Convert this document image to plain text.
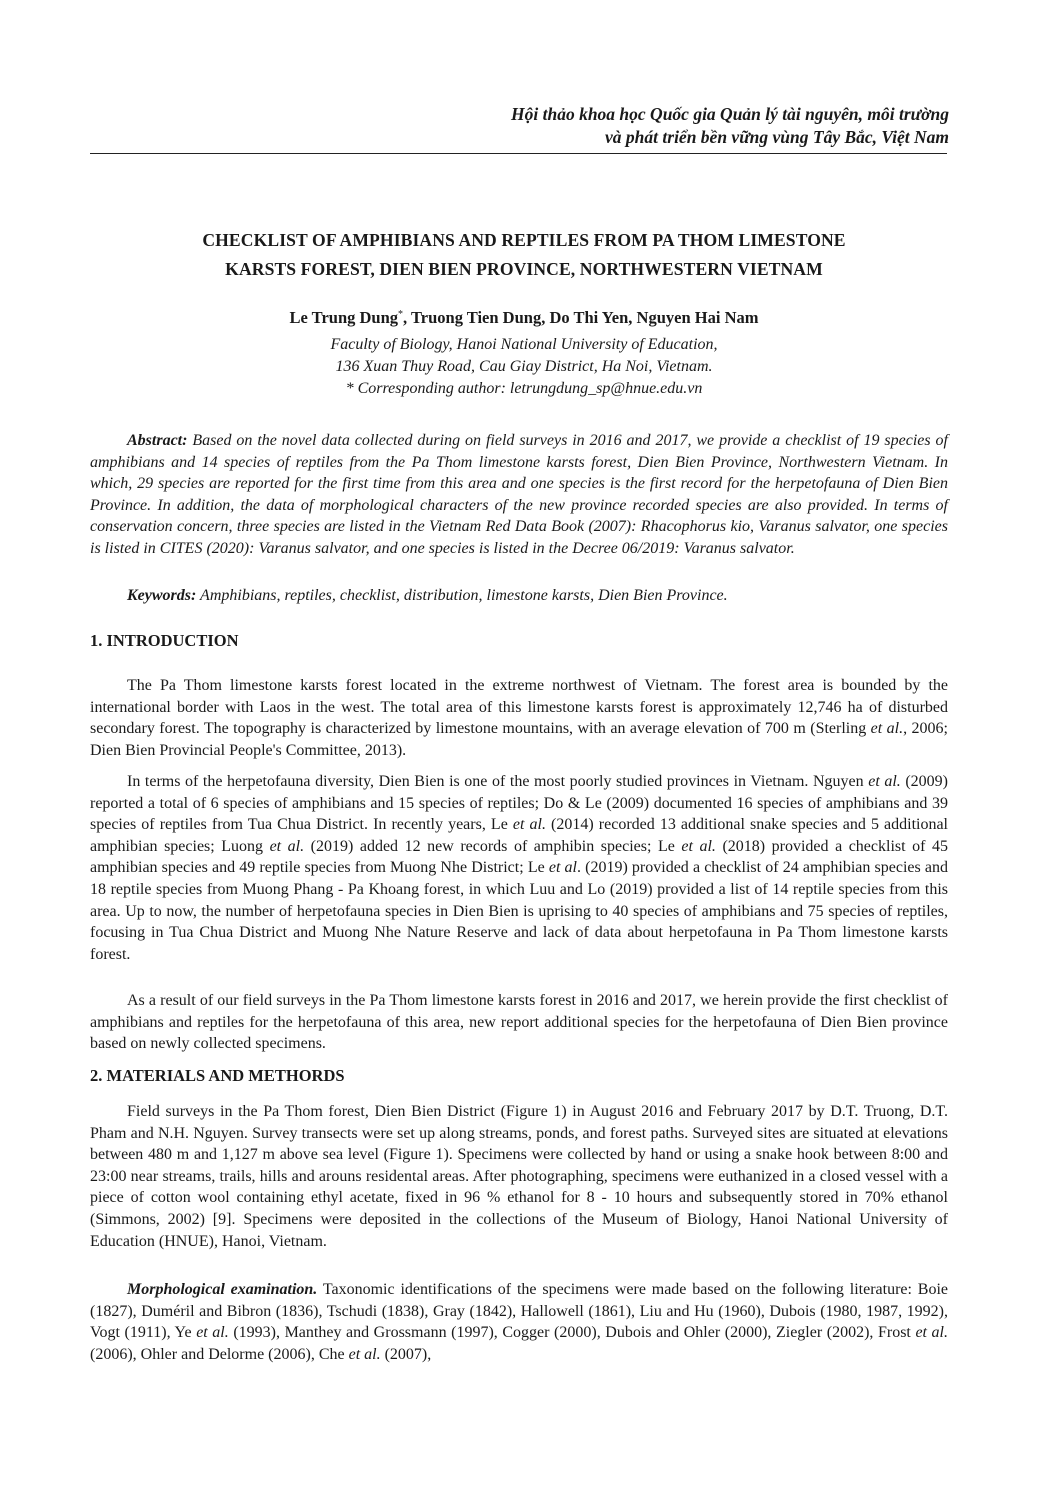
Hội thảo khoa học Quốc gia Quản lý tài nguyên, môi trường
và phát triển bền vững vùng Tây Bắc, Việt Nam
CHECKLIST OF AMPHIBIANS AND REPTILES FROM PA THOM LIMESTONE
KARSTS FOREST, DIEN BIEN PROVINCE, NORTHWESTERN VIETNAM
Le Trung Dung*, Truong Tien Dung, Do Thi Yen, Nguyen Hai Nam
Faculty of Biology, Hanoi National University of Education,
136 Xuan Thuy Road, Cau Giay District, Ha Noi, Vietnam.
* Corresponding author: letrungdung_sp@hnue.edu.vn

Abstract: Based on the novel data collected during on field surveys in 2016 and 2017, we provide a checklist of 19 species of amphibians and 14 species of reptiles from the Pa Thom limestone karsts forest, Dien Bien Province, Northwestern Vietnam. In which, 29 species are reported for the first time from this area and one species is the first record for the herpetofauna of Dien Bien Province. In addition, the data of morphological characters of the new province recorded species are also provided. In terms of conservation concern, three species are listed in the Vietnam Red Data Book (2007): Rhacophorus kio, Varanus salvator, one species is listed in CITES (2020): Varanus salvator, and one species is listed in the Decree 06/2019: Varanus salvator.

Keywords: Amphibians, reptiles, checklist, distribution, limestone karsts, Dien Bien Province.
1. INTRODUCTION

The Pa Thom limestone karsts forest located in the extreme northwest of Vietnam. The forest area is bounded by the international border with Laos in the west. The total area of this limestone karsts forest is approximately 12,746 ha of disturbed secondary forest. The topography is characterized by limestone mountains, with an average elevation of 700 m (Sterling et al., 2006; Dien Bien Provincial People's Committee, 2013).

In terms of the herpetofauna diversity, Dien Bien is one of the most poorly studied provinces in Vietnam. Nguyen et al. (2009) reported a total of 6 species of amphibians and 15 species of reptiles; Do & Le (2009) documented 16 species of amphibians and 39 species of reptiles from Tua Chua District. In recently years, Le et al. (2014) recorded 13 additional snake species and 5 additional amphibian species; Luong et al. (2019) added 12 new records of amphibin species; Le et al. (2018) provided a checklist of 45 amphibian species and 49 reptile species from Muong Nhe District; Le et al. (2019) provided a checklist of 24 amphibian species and 18 reptile species from Muong Phang - Pa Khoang forest, in which Luu and Lo (2019) provided a list of 14 reptile species from this area. Up to now, the number of herpetofauna species in Dien Bien is uprising to 40 species of amphibians and 75 species of reptiles, focusing in Tua Chua District and Muong Nhe Nature Reserve and lack of data about herpetofauna in Pa Thom limestone karsts forest.

As a result of our field surveys in the Pa Thom limestone karsts forest in 2016 and 2017, we herein provide the first checklist of amphibians and reptiles for the herpetofauna of this area, new report additional species for the herpetofauna of Dien Bien province based on newly collected specimens.

2. MATERIALS AND METHORDS

Field surveys in the Pa Thom forest, Dien Bien District (Figure 1) in August 2016 and February 2017 by D.T. Truong, D.T. Pham and N.H. Nguyen. Survey transects were set up along streams, ponds, and forest paths. Surveyed sites are situated at elevations between 480 m and 1,127 m above sea level (Figure 1). Specimens were collected by hand or using a snake hook between 8:00 and 23:00 near streams, trails, hills and arouns residental areas. After photographing, specimens were euthanized in a closed vessel with a piece of cotton wool containing ethyl acetate, fixed in 96 % ethanol for 8 - 10 hours and subsequently stored in 70% ethanol (Simmons, 2002) [9]. Specimens were deposited in the collections of the Museum of Biology, Hanoi National University of Education (HNUE), Hanoi, Vietnam.

Morphological examination. Taxonomic identifications of the specimens were made based on the following literature: Boie (1827), Duméril and Bibron (1836), Tschudi (1838), Gray (1842), Hallowell (1861), Liu and Hu (1960), Dubois (1980, 1987, 1992), Vogt (1911), Ye et al. (1993), Manthey and Grossmann (1997), Cogger (2000), Dubois and Ohler (2000), Ziegler (2002), Frost et al. (2006), Ohler and Delorme (2006), Che et al. (2007),
